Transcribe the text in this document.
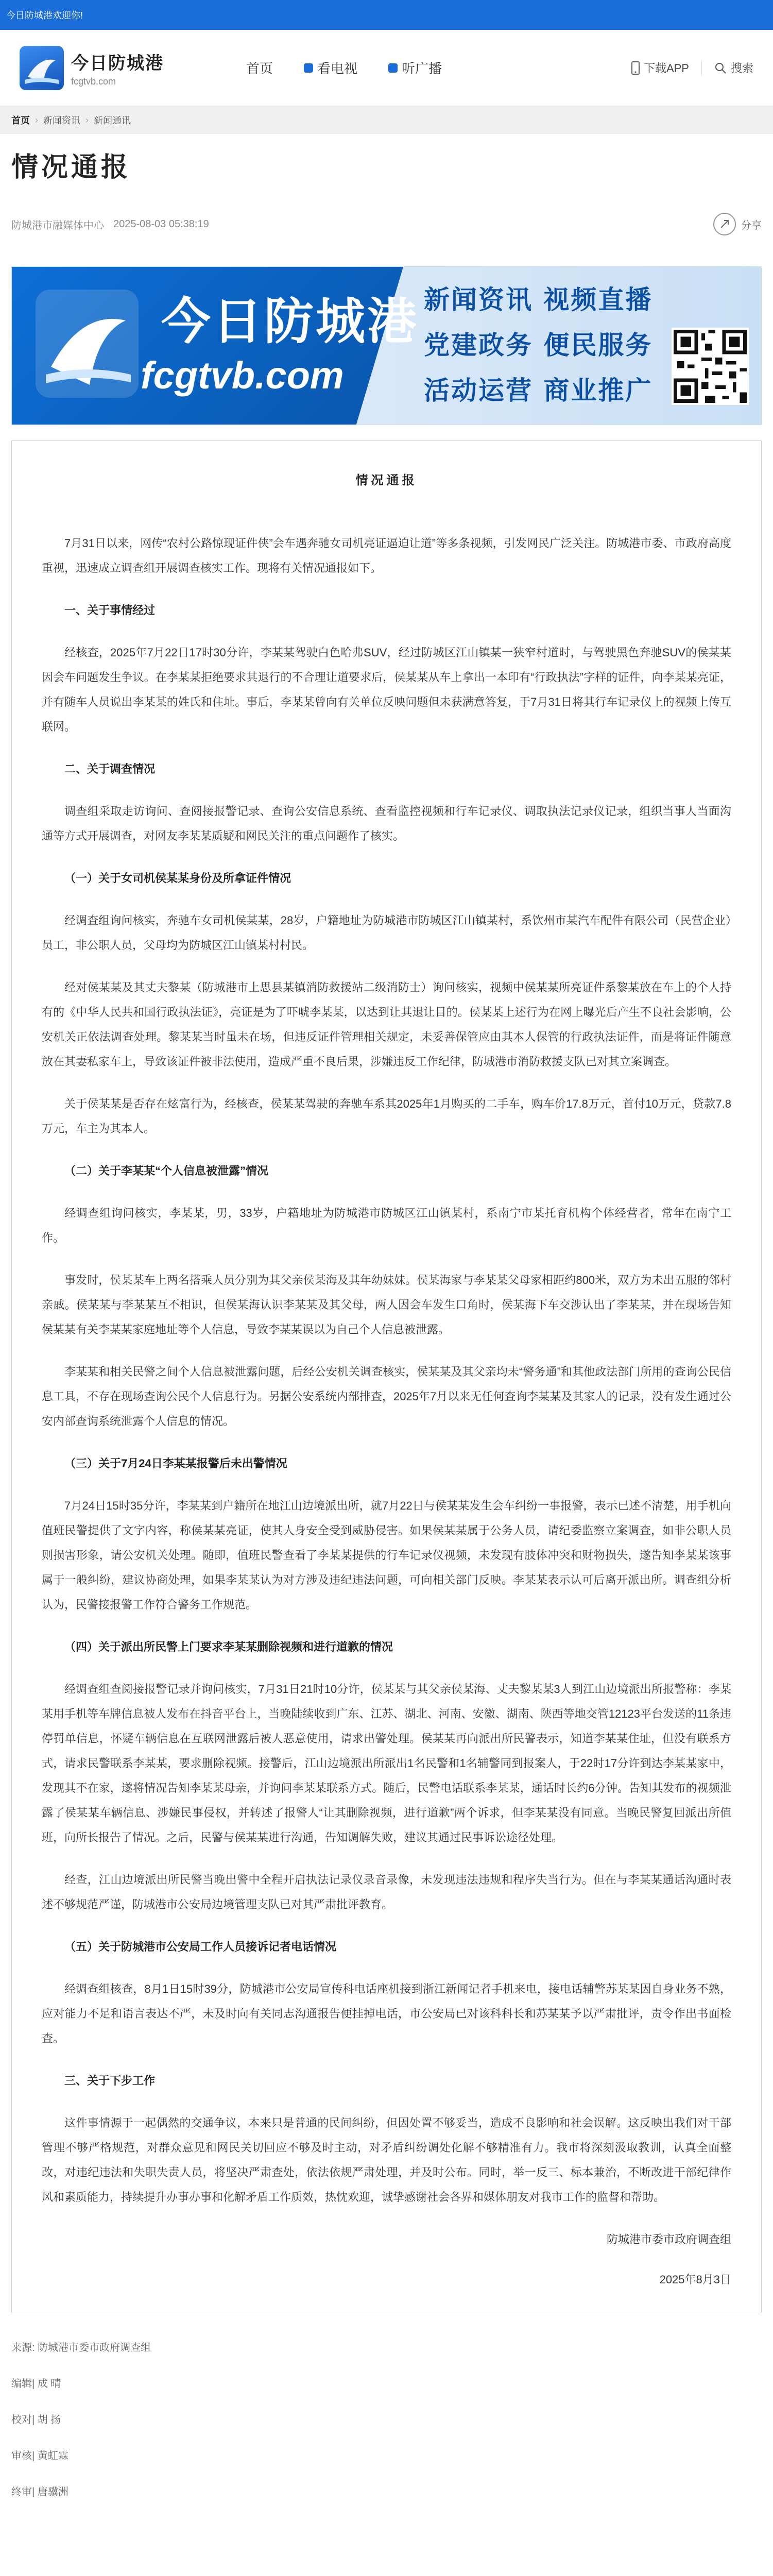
今日防城港欢迎你!
今日防城港
fcgtvb.com
首页	看电视	听广播	下载APP	搜索
首页 › 新闻资讯 › 新闻通讯
情况通报
防城港市融媒体中心 2025-08-03 05:38:19	分享
今日防城港
fcgtvb.com
新闻资讯 视频直播
党建政务 便民服务
活动运营 商业推广
情况通报

7月31日以来，网传“农村公路惊现证件侠”会车遇奔驰女司机亮证逼迫让道”等多条视频，引发网民广泛关注。防城港市委、市政府高度重视，迅速成立调查组开展调查核实工作。现将有关情况通报如下。

一、关于事情经过

经核查，2025年7月22日17时30分许，李某某驾驶白色哈弗SUV，经过防城区江山镇某一狭窄村道时，与驾驶黑色奔驰SUV的侯某某因会车问题发生争议。在李某某拒绝要求其退行的不合理让道要求后，侯某某从车上拿出一本印有“行政执法”字样的证件，向李某某亮证，并有随车人员说出李某某的姓氏和住址。事后，李某某曾向有关单位反映问题但未获满意答复，于7月31日将其行车记录仪上的视频上传互联网。

二、关于调查情况

调查组采取走访询问、查阅接报警记录、查询公安信息系统、查看监控视频和行车记录仪、调取执法记录仪记录，组织当事人当面沟通等方式开展调查，对网友李某某质疑和网民关注的重点问题作了核实。

（一）关于女司机侯某某身份及所拿证件情况

经调查组询问核实，奔驰车女司机侯某某，28岁，户籍地址为防城港市防城区江山镇某村，系饮州市某汽车配件有限公司（民营企业）员工，非公职人员，父母均为防城区江山镇某村村民。

经对侯某某及其丈夫黎某（防城港市上思县某镇消防救援站二级消防士）询问核实，视频中侯某某所亮证件系黎某放在车上的个人持有的《中华人民共和国行政执法证》，亮证是为了吓唬李某某，以达到让其退让目的。侯某某上述行为在网上曝光后产生不良社会影响，公安机关正依法调查处理。黎某某当时虽未在场，但违反证件管理相关规定，未妥善保管应由其本人保管的行政执法证件，而是将证件随意放在其妻私家车上，导致该证件被非法使用，造成严重不良后果，涉嫌违反工作纪律，防城港市消防救援支队已对其立案调查。

关于侯某某是否存在炫富行为，经核查，侯某某驾驶的奔驰车系其2025年1月购买的二手车，购车价17.8万元，首付10万元，贷款7.8万元，车主为其本人。

（二）关于李某某“个人信息被泄露”情况

经调查组询问核实，李某某，男，33岁，户籍地址为防城港市防城区江山镇某村，系南宁市某托育机构个体经营者，常年在南宁工作。

事发时，侯某某车上两名搭乘人员分别为其父亲侯某海及其年幼妹妹。侯某海家与李某某父母家相距约800米，双方为未出五服的邻村亲戚。侯某某与李某某互不相识，但侯某海认识李某某及其父母，两人因会车发生口角时，侯某海下车交涉认出了李某某，并在现场告知侯某某有关李某某家庭地址等个人信息，导致李某某误以为自己个人信息被泄露。

李某某和相关民警之间个人信息被泄露问题，后经公安机关调查核实，侯某某及其父亲均未“警务通”和其他政法部门所用的查询公民信息工具，不存在现场查询公民个人信息行为。另据公安系统内部排查，2025年7月以来无任何查询李某某及其家人的记录，没有发生通过公安内部查询系统泄露个人信息的情况。

（三）关于7月24日李某某报警后未出警情况

7月24日15时35分许，李某某到户籍所在地江山边境派出所，就7月22日与侯某某发生会车纠纷一事报警，表示已述不清楚，用手机向值班民警提供了文字内容，称侯某某亮证，使其人身安全受到威胁侵害。如果侯某某属于公务人员，请纪委监察立案调查，如非公职人员则损害形象，请公安机关处理。随即，值班民警查看了李某某提供的行车记录仪视频，未发现有肢体冲突和财物损失，遂告知李某某该事属于一般纠纷，建议协商处理，如果李某某认为对方涉及违纪违法问题，可向相关部门反映。李某某表示认可后离开派出所。调查组分析认为，民警接报警工作符合警务工作规范。

（四）关于派出所民警上门要求李某某删除视频和进行道歉的情况

经调查组查阅接报警记录并询问核实，7月31日21时10分许，侯某某与其父亲侯某海、丈夫黎某某3人到江山边境派出所报警称：李某某用手机等车牌信息被人发布在抖音平台上，当晚陆续收到广东、江苏、湖北、河南、安徽、湖南、陕西等地交管12123平台发送的11条违停罚单信息，怀疑车辆信息在互联网泄露后被人恶意使用，请求出警处理。侯某某再向派出所民警表示，知道李某某住址，但没有联系方式，请求民警联系李某某，要求删除视频。接警后，江山边境派出所派出1名民警和1名辅警同到报案人，于22时17分许到达李某某家中，发现其不在家，遂将情况告知李某某母亲，并询问李某某联系方式。随后，民警电话联系李某某，通话时长约6分钟。告知其发布的视频泄露了侯某某车辆信息、涉嫌民事侵权，并转述了报警人“让其删除视频，进行道歉”两个诉求，但李某某没有同意。当晚民警复回派出所值班，向所长报告了情况。之后，民警与侯某某进行沟通，告知调解失败，建议其通过民事诉讼途径处理。

经查，江山边境派出所民警当晚出警中全程开启执法记录仪录音录像，未发现违法违规和程序失当行为。但在与李某某通话沟通时表述不够规范严谨，防城港市公安局边境管理支队已对其严肃批评教育。

（五）关于防城港市公安局工作人员接诉记者电话情况

经调查组核查，8月1日15时39分，防城港市公安局宣传科电话座机接到浙江新闻记者手机来电，接电话辅警苏某某因自身业务不熟，应对能力不足和语言表达不严，未及时向有关同志沟通报告便挂掉电话，市公安局已对该科科长和苏某某予以严肃批评，责令作出书面检查。

三、关于下步工作

这件事情源于一起偶然的交通争议，本来只是普通的民间纠纷，但因处置不够妥当，造成不良影响和社会误解。这反映出我们对干部管理不够严格规范，对群众意见和网民关切回应不够及时主动，对矛盾纠纷调处化解不够精准有力。我市将深刻汲取教训，认真全面整改，对违纪违法和失职失责人员，将坚决严肃查处，依法依规严肃处理，并及时公布。同时，举一反三、标本兼治，不断改进干部纪律作风和素质能力，持续提升办事办事和化解矛盾工作质效，热忱欢迎，诚挚感谢社会各界和媒体朋友对我市工作的监督和帮助。

防城港市委市政府调查组
2025年8月3日
来源: 防城港市委市政府调查组
编辑| 成 晴
校对| 胡 扬
审核| 黄虹霖
终审| 唐骥洲
